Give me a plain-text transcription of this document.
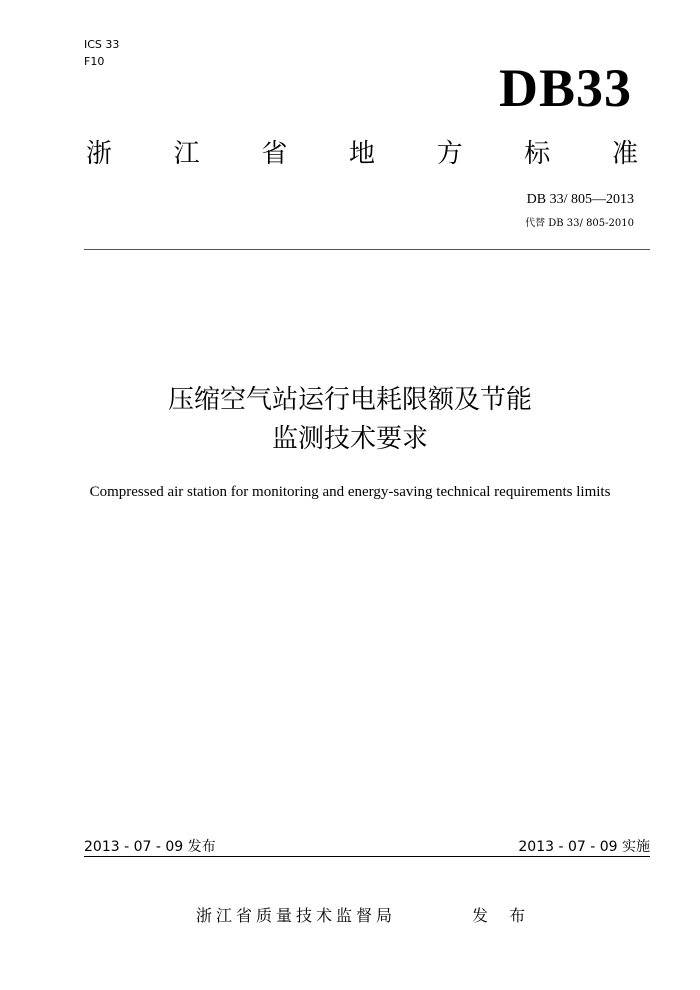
ICS 33
F10	DB33
浙 江 省 地 方 标 准
DB 33/ 805—2013
代替 DB 33/ 805-2010
压缩空气站运行电耗限额及节能
监测技术要求
Compressed air station for monitoring and energy-saving technical requirements limits
2013 - 07 - 09 发布	2013 - 07 - 09 实施
浙江省质量技术监督局	发 布
